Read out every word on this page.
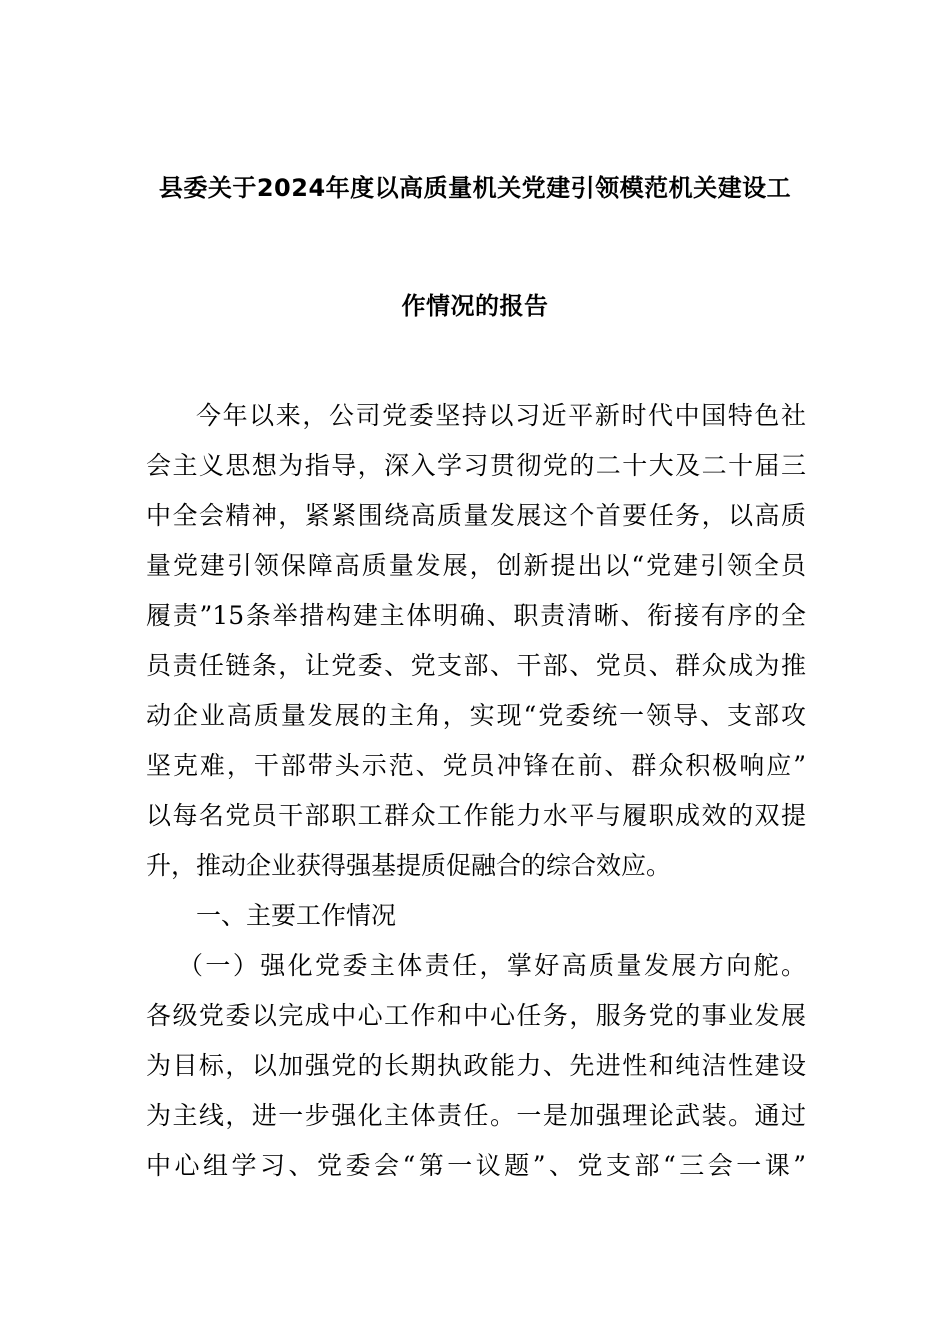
县委关于2024年度以高质量机关党建引领模范机关建设工
作情况的报告
今年以来，公司党委坚持以习近平新时代中国特色社
会主义思想为指导，深入学习贯彻党的二十大及二十届三
中全会精神，紧紧围绕高质量发展这个首要任务，以高质
量党建引领保障高质量发展，创新提出以“党建引领全员
履责”15条举措构建主体明确、职责清晰、衔接有序的全
员责任链条，让党委、党支部、干部、党员、群众成为推
动企业高质量发展的主角，实现“党委统一领导、支部攻
坚克难，干部带头示范、党员冲锋在前、群众积极响应”
以每名党员干部职工群众工作能力水平与履职成效的双提
升，推动企业获得强基提质促融合的综合效应。
一、主要工作情况
（一）强化党委主体责任，掌好高质量发展方向舵。
各级党委以完成中心工作和中心任务，服务党的事业发展
为目标，以加强党的长期执政能力、先进性和纯洁性建设
为主线，进一步强化主体责任。一是加强理论武装。通过
中心组学习、党委会“第一议题”、党支部“三会一课”
